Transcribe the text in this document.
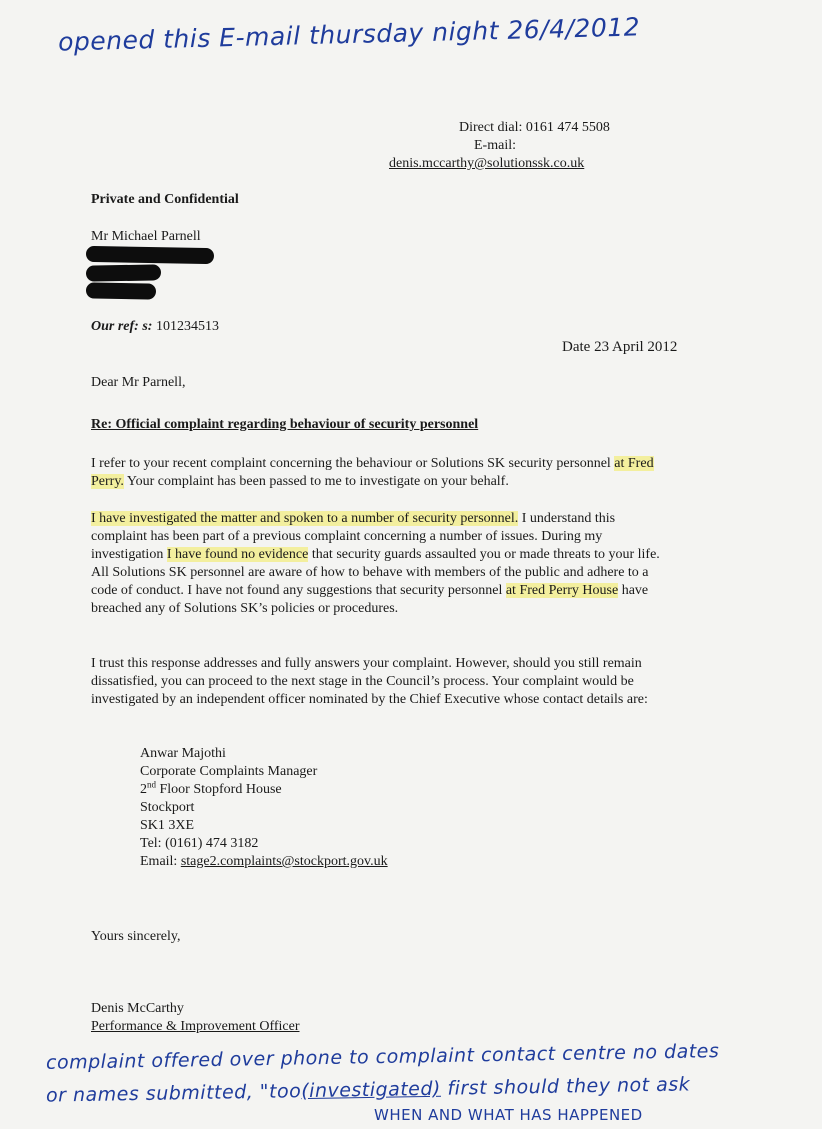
opened this E-mail thursday night 26/4/2012
Direct dial: 0161 474 5508
E-mail:
denis.mccarthy@solutionssk.co.uk
Private and Confidential
Mr Michael Parnell
Our ref: s: 101234513
Date 23 April 2012
Dear Mr Parnell,
Re: Official complaint regarding behaviour of security personnel
I refer to your recent complaint concerning the behaviour or Solutions SK security personnel at Fred
Perry. Your complaint has been passed to me to investigate on your behalf.
I have investigated the matter and spoken to a number of security personnel. I understand this
complaint has been part of a previous complaint concerning a number of issues. During my
investigation I have found no evidence that security guards assaulted you or made threats to your life.
All Solutions SK personnel are aware of how to behave with members of the public and adhere to a
code of conduct. I have not found any suggestions that security personnel at Fred Perry House have
breached any of Solutions SK’s policies or procedures.
I trust this response addresses and fully answers your complaint. However, should you still remain
dissatisfied, you can proceed to the next stage in the Council’s process. Your complaint would be
investigated by an independent officer nominated by the Chief Executive whose contact details are:
Anwar Majothi
Corporate Complaints Manager
2nd Floor Stopford House
Stockport
SK1 3XE
Tel: (0161) 474 3182
Email: stage2.complaints@stockport.gov.uk
Yours sincerely,
Denis McCarthy
Performance & Improvement Officer
complaint offered over phone to complaint contact centre no dates
or names submitted, "too(investigated) first should they not ask
WHEN AND WHAT HAS HAPPENED
